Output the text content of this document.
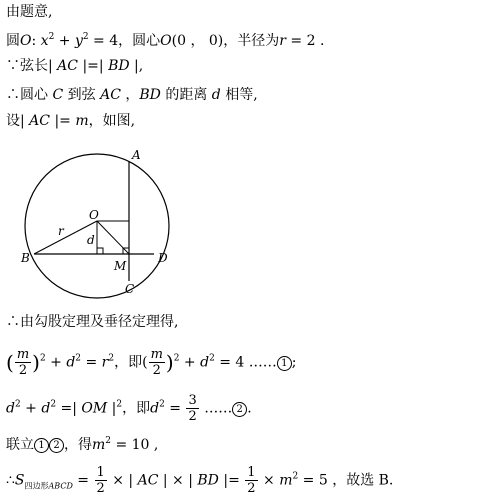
由题意,
圆O: $x^2 + y^2 = 4$，圆心O(0 ， 0)，半径为r = 2 .
∵弦长| AC |=| BD |,
∴圆心 C 到弦 AC ，BD 的距离 d 相等,
设| AC |= m，如图,
A
B
C
D
O
M
r
d
∴由勾股定理及垂径定理得,
( $\frac{m}{2} )^2 + d^2 = r^2$，即( $\frac{m}{2} )^2 + d^2 = 4$ …… 1 ;
$d^2 + d^2$ =| OM $|^2$，即$d^2 = \frac{3}{2}$ …… 2 .
联立 1 2 ，得$m^2 = 10$ ,
$\therefore S_{四边形ABCD} = \frac{1}{2}$ × | AC | × | BD |= $\frac{1}{2} \times m^2 = 5$ ，故选 B.
